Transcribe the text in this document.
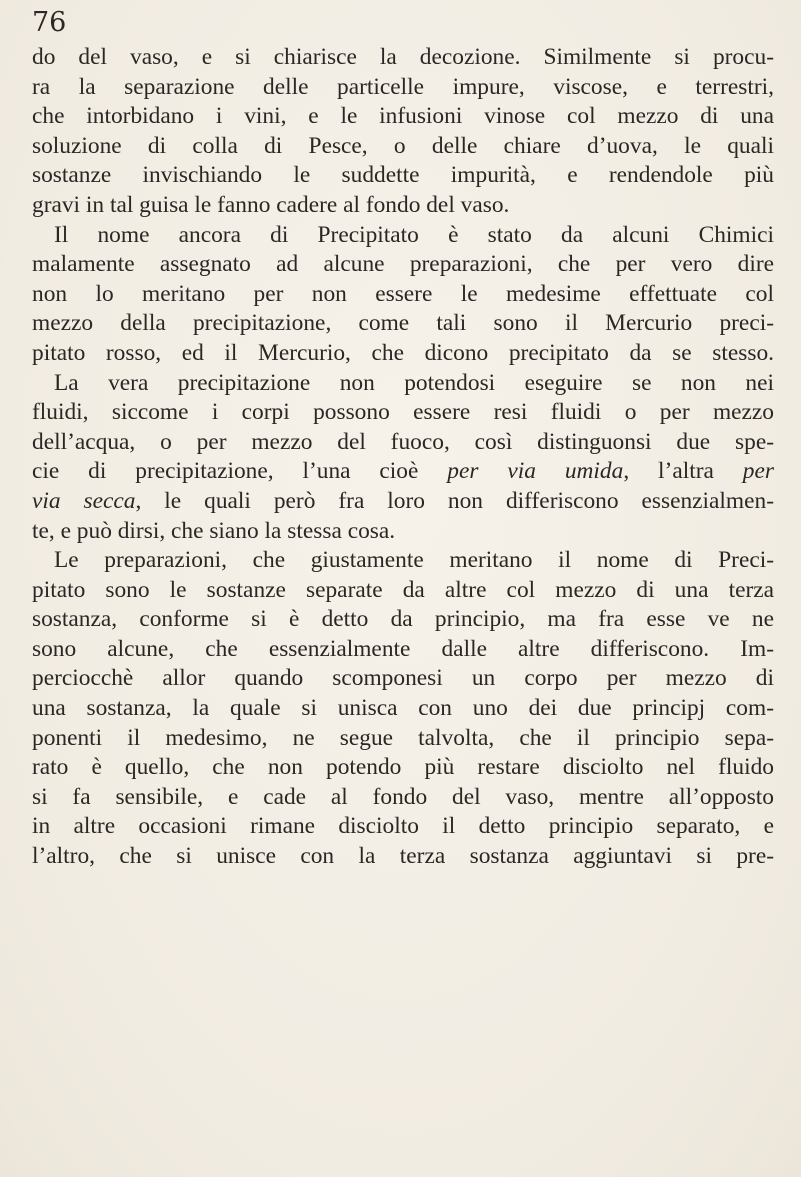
76
do del vaso, e si chiarisce la decozione. Similmente si procu-
ra la separazione delle particelle impure, viscose, e terrestri,
che intorbidano i vini, e le infusioni vinose col mezzo di una
soluzione di colla di Pesce, o delle chiare d’uova, le quali
sostanze invischiando le suddette impurità, e rendendole più
gravi in tal guisa le fanno cadere al fondo del vaso.
Il nome ancora di Precipitato è stato da alcuni Chimici
malamente assegnato ad alcune preparazioni, che per vero dire
non lo meritano per non essere le medesime effettuate col
mezzo della precipitazione, come tali sono il Mercurio preci-
pitato rosso, ed il Mercurio, che dicono precipitato da se stesso.
La vera precipitazione non potendosi eseguire se non nei
fluidi, siccome i corpi possono essere resi fluidi o per mezzo
dell’acqua, o per mezzo del fuoco, così distinguonsi due spe-
cie di precipitazione, l’una cioè per via umida, l’altra per
via secca, le quali però fra loro non differiscono essenzialmen-
te, e può dirsi, che siano la stessa cosa.
Le preparazioni, che giustamente meritano il nome di Preci-
pitato sono le sostanze separate da altre col mezzo di una terza
sostanza, conforme si è detto da principio, ma fra esse ve ne
sono alcune, che essenzialmente dalle altre differiscono. Im-
perciocchè allor quando scomponesi un corpo per mezzo di
una sostanza, la quale si unisca con uno dei due principj com-
ponenti il medesimo, ne segue talvolta, che il principio sepa-
rato è quello, che non potendo più restare disciolto nel fluido
si fa sensibile, e cade al fondo del vaso, mentre all’opposto
in altre occasioni rimane disciolto il detto principio separato, e
l’altro, che si unisce con la terza sostanza aggiuntavi si pre-
